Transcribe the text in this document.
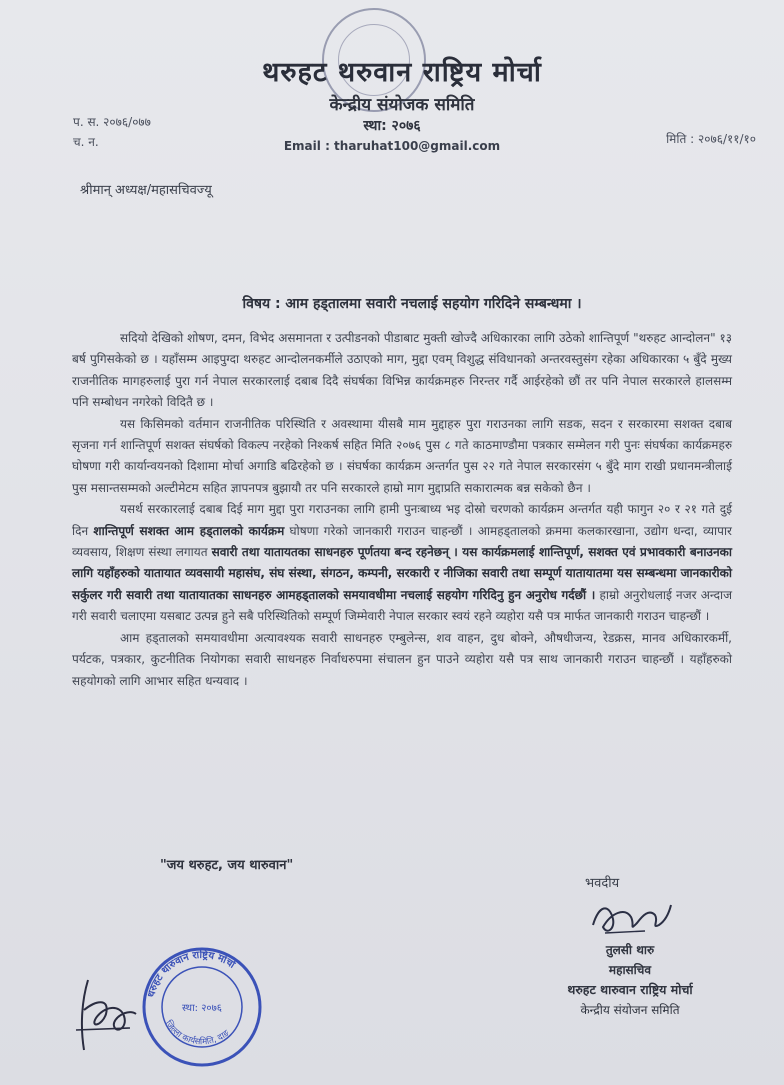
थरुहट थरुवान राष्ट्रिय मोर्चा
केन्द्रीय संयोजक समिति
स्था: २०७६
Email : tharuhat100@gmail.com
प. स. २०७६/०७७
च. न.	मिति : २०७६/११/१०
श्रीमान् अध्यक्ष/महासचिवज्यू
विषय : आम हड्तालमा सवारी नचलाई सहयोग गरिदिने सम्बन्धमा ।

सदियो देखिको शोषण, दमन, विभेद असमानता र उत्पीडनको पीडाबाट मुक्ती खोज्दै अधिकारका लागि उठेको शान्तिपूर्ण "थरुहट आन्दोलन" १३ बर्ष पुगिसकेको छ । यहाँसम्म आइपुग्दा थरुहट आन्दोलनकर्मीले उठाएको माग, मुद्दा एवम् विशुद्ध संविधानको अन्तरवस्तुसंग रहेका अधिकारका ५ बुँदे मुख्य राजनीतिक मागहरुलाई पुरा गर्न नेपाल सरकारलाई दबाब दिदै संघर्षका विभिन्न कार्यक्रमहरु निरन्तर गर्दै आईरहेको छौं तर पनि नेपाल सरकारले हालसम्म पनि सम्बोधन नगरेको विदितै छ ।

यस किसिमको वर्तमान राजनीतिक परिस्थिति र अवस्थामा यीसबै माम मुद्दाहरु पुरा गराउनका लागि सडक, सदन र सरकारमा सशक्त दबाब सृजना गर्न शान्तिपूर्ण सशक्त संघर्षको विकल्प नरहेको निश्कर्ष सहित मिति २०७६ पुस ८ गते काठमाण्डौमा पत्रकार सम्मेलन गरी पुनः संघर्षका कार्यक्रमहरु घोषणा गरी कार्यान्वयनको दिशामा मोर्चा अगाडि बढिरहेको छ । संघर्षका कार्यक्रम अन्तर्गत पुस २२ गते नेपाल सरकारसंग ५ बुँदे माग राखी प्रधानमन्त्रीलाई पुस मसान्तसम्मको अल्टीमेटम सहित ज्ञापनपत्र बुझायौ तर पनि सरकारले हाम्रो माग मुद्दाप्रति सकारात्मक बन्न सकेको छैन ।

यसर्थ सरकारलाई दबाब दिई माग मुद्दा पुरा गराउनका लागि हामी पुनःबाध्य भइ दोस्रो चरणको कार्यक्रम अन्तर्गत यही फागुन २० र २१ गते दुई दिन शान्तिपूर्ण सशक्त आम हड्तालको कार्यक्रम घोषणा गरेको जानकारी गराउन चाहन्छौं । आमहड्तालको क्रममा कलकारखाना, उद्योग धन्दा, व्यापार व्यवसाय, शिक्षण संस्था लगायत सवारी तथा यातायतका साधनहरु पूर्णतया बन्द रहनेछन् । यस कार्यक्रमलाई शान्तिपूर्ण, सशक्त एवं प्रभावकारी बनाउनका लागि यहाँहरुको यातायात व्यवसायी महासंघ, संघ संस्था, संगठन, कम्पनी, सरकारी र नीजिका सवारी तथा सम्पूर्ण यातायातमा यस सम्बन्धमा जानकारीको सर्कुलर गरी सवारी तथा यातायातका साधनहरु आमहड्तालको समयावधीमा नचलाई सहयोग गरिदिनु हुन अनुरोध गर्दछौं । हाम्रो अनुरोधलाई नजर अन्दाज गरी सवारी चलाएमा यसबाट उत्पन्न हुने सबै परिस्थितिको सम्पूर्ण जिम्मेवारी नेपाल सरकार स्वयं रहने व्यहोरा यसै पत्र मार्फत जानकारी गराउन चाहन्छौं ।

आम हड्तालको समयावधीमा अत्यावश्यक सवारी साधनहरु एम्बुलेन्स, शव वाहन, दुध बोक्ने, औषधीजन्य, रेडक्रस, मानव अधिकारकर्मी, पर्यटक, पत्रकार, कुटनीतिक नियोगका सवारी साधनहरु निर्वाधरुपमा संचालन हुन पाउने व्यहोरा यसै पत्र साथ जानकारी गराउन चाहन्छौं । यहाँहरुको सहयोगको लागि आभार सहित धन्यवाद ।

"जय थरुहट, जय थारुवान"
भवदीय
तुलसी थारु
महासचिव
थरुहट थारुवान राष्ट्रिय मोर्चा
केन्द्रीय संयोजन समिति
थरुहट थारुवान राष्ट्रिय मोर्चा
जिल्ला कार्यसमिति, दाङ
स्था: २०७६
